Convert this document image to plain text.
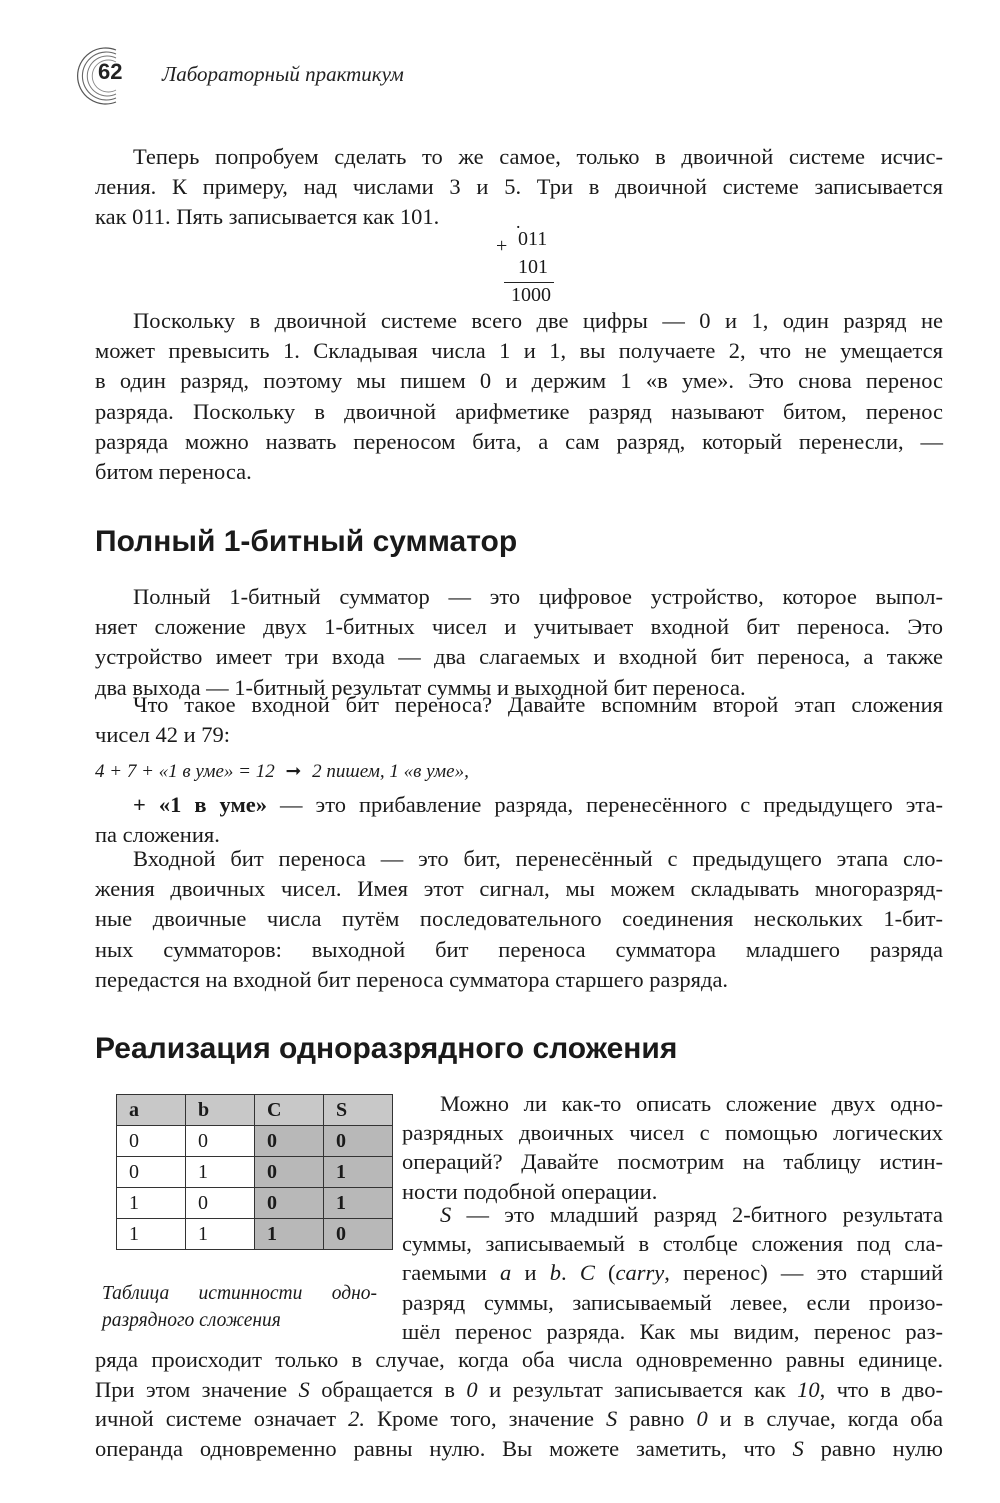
62 Лабораторный практикум
Теперь попробуем сделать то же самое, только в двоичной системе исчис-
ления. К примеру, над числами 3 и 5. Три в двоичной системе записывается
как 011. Пять записывается как 101.	.
+ 011
101
1000
Поскольку в двоичной системе всего две цифры — 0 и 1, один разряд не
может превысить 1. Складывая числа 1 и 1, вы получаете 2, что не умещается
в один разряд, поэтому мы пишем 0 и держим 1 «в уме». Это снова перенос
разряда. Поскольку в двоичной арифметике разряд называют битом, перенос
разряда можно назвать переносом бита, а сам разряд, который перенесли, —
битом переноса.
Полный 1-битный сумматор
Полный 1-битный сумматор — это цифровое устройство, которое выпол-
няет сложение двух 1-битных чисел и учитывает входной бит переноса. Это
устройство имеет три входа — два слагаемых и входной бит переноса, а также
два выхода — 1-битный результат суммы и выходной бит переноса.
Что такое входной бит переноса? Давайте вспомним второй этап сложения
чисел 42 и 79:
4 + 7 + «1 в уме» = 12 ➞ 2 пишем, 1 «в уме»,
+ «1 в уме» — это прибавление разряда, перенесённого с предыдущего эта-
па сложения.
Входной бит переноса — это бит, перенесённый с предыдущего этапа сло-
жения двоичных чисел. Имея этот сигнал, мы можем складывать многоразряд-
ные двоичные числа путём последовательного соединения нескольких 1-бит-
ных сумматоров: выходной бит переноса сумматора младшего разряда
передастся на входной бит переноса сумматора старшего разряда.
Реализация одноразрядного сложения
a	b	C	S
0	0	0	0
0	1	0	1
1	0	0	1
1	1	1	0
Таблица истинности одно-
разрядного сложения
Можно ли как-то описать сложение двух одно-
разрядных двоичных чисел с помощью логических
операций? Давайте посмотрим на таблицу истин-
ности подобной операции.
S — это младший разряд 2-битного результата
суммы, записываемый в столбце сложения под сла-
гаемыми a и b. C (carry, перенос) — это старший
разряд суммы, записываемый левее, если произо-
шёл перенос разряда. Как мы видим, перенос раз-
ряда происходит только в случае, когда оба числа одновременно равны единице.
При этом значение S обращается в 0 и результат записывается как 10, что в дво-
ичной системе означает 2. Кроме того, значение S равно 0 и в случае, когда оба
операнда одновременно равны нулю. Вы можете заметить, что S равно нулю
